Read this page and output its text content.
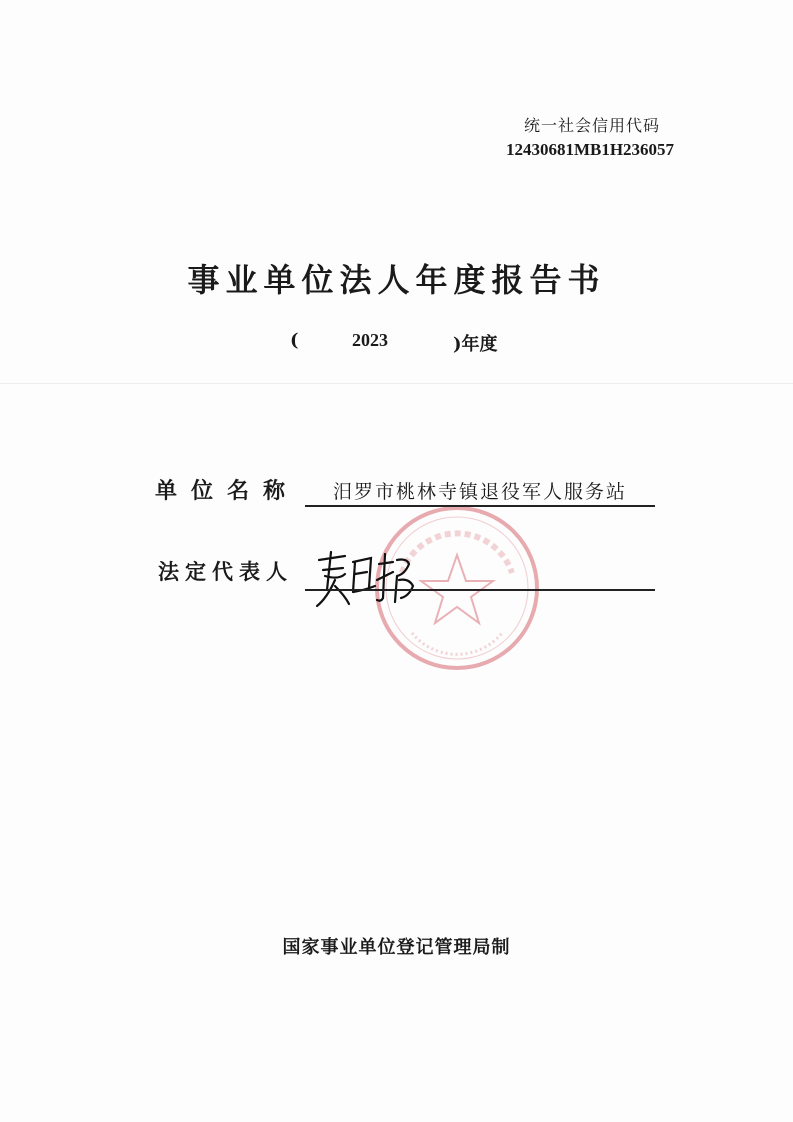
统一社会信用代码
12430681MB1H236057
事业单位法人年度报告书
(	2023	)年度
单位名称 汨罗市桃林寺镇退役军人服务站
法定代表人
国家事业单位登记管理局制
